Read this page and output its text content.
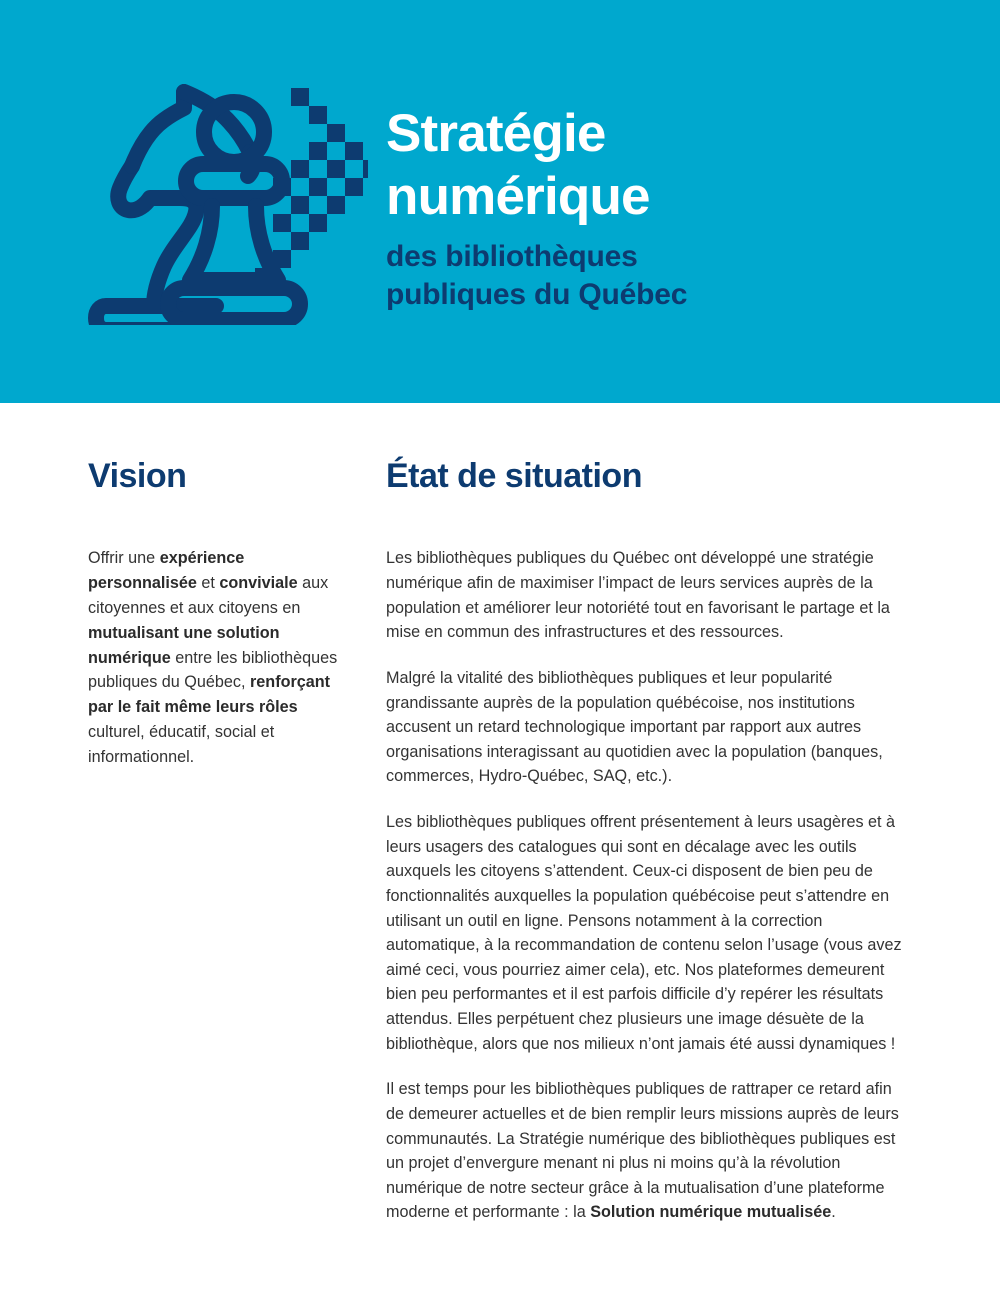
Stratégie
numérique

des bibliothèques
publiques du Québec

Vision

Offrir une expérience personnalisée et conviviale aux citoyennes et aux citoyens en mutualisant une solution numérique entre les bibliothèques publiques du Québec, renforçant par le fait même leurs rôles culturel, éducatif, social et informationnel.

État de situation

Les bibliothèques publiques du Québec ont développé une stratégie numérique afin de maximiser l’impact de leurs services auprès de la population et améliorer leur notoriété tout en favorisant le partage et la mise en commun des infrastructures et des ressources.

Malgré la vitalité des bibliothèques publiques et leur popularité grandissante auprès de la population québécoise, nos institutions accusent un retard technologique important par rapport aux autres organisations interagissant au quotidien avec la population (banques, commerces, Hydro-Québec, SAQ, etc.).

Les bibliothèques publiques offrent présentement à leurs usagères et à leurs usagers des catalogues qui sont en décalage avec les outils auxquels les citoyens s’attendent. Ceux-ci disposent de bien peu de fonctionnalités auxquelles la population québécoise peut s’attendre en utilisant un outil en ligne. Pensons notamment à la correction automatique, à la recommandation de contenu selon l’usage (vous avez aimé ceci, vous pourriez aimer cela), etc. Nos plateformes demeurent bien peu performantes et il est parfois difficile d’y repérer les résultats attendus. Elles perpétuent chez plusieurs une image désuète de la bibliothèque, alors que nos milieux n’ont jamais été aussi dynamiques !

Il est temps pour les bibliothèques publiques de rattraper ce retard afin de demeurer actuelles et de bien remplir leurs missions auprès de leurs communautés. La Stratégie numérique des bibliothèques publiques est un projet d’envergure menant ni plus ni moins qu’à la révolution numérique de notre secteur grâce à la mutualisation d’une plateforme moderne et performante : la Solution numérique mutualisée.
